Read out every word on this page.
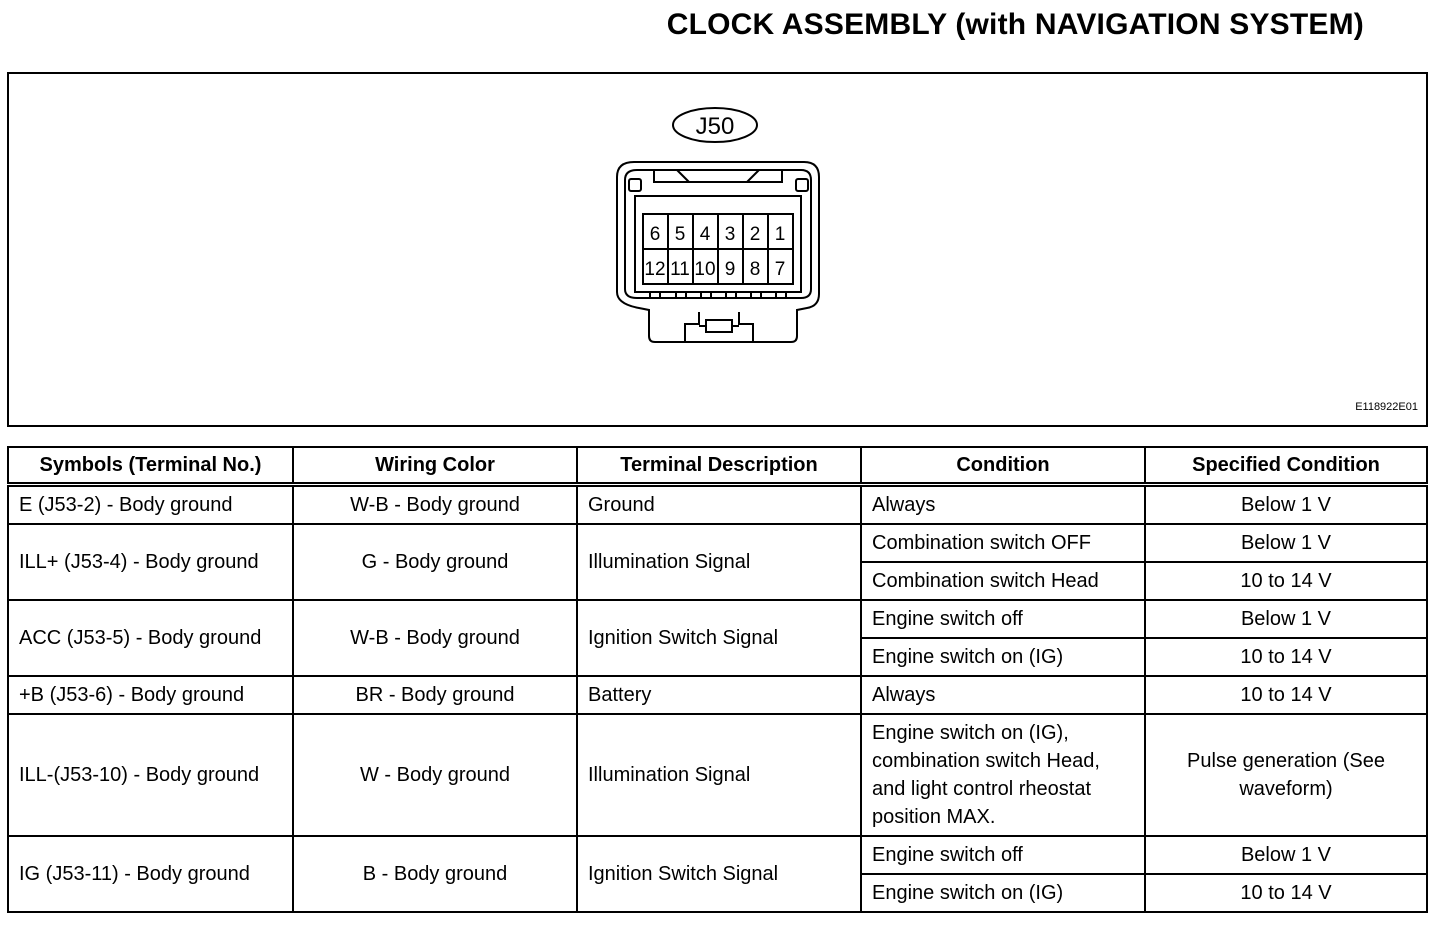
CLOCK ASSEMBLY (with NAVIGATION SYSTEM)
J50
6 5 4 3 2 1
12 11 10 9 8 7
E118922E01
Symbols (Terminal No.)	Wiring Color	Terminal Description	Condition	Specified Condition
E (J53-2) - Body ground	W-B - Body ground	Ground	Always	Below 1 V
ILL+ (J53-4) - Body ground	G - Body ground	Illumination Signal	Combination switch OFF	Below 1 V
			Combination switch Head	10 to 14 V
ACC (J53-5) - Body ground	W-B - Body ground	Ignition Switch Signal	Engine switch off	Below 1 V
			Engine switch on (IG)	10 to 14 V
+B (J53-6) - Body ground	BR - Body ground	Battery	Always	10 to 14 V
ILL-(J53-10) - Body ground	W - Body ground	Illumination Signal	Engine switch on (IG), combination switch Head, and light control rheostat position MAX.	Pulse generation (See waveform)
IG (J53-11) - Body ground	B - Body ground	Ignition Switch Signal	Engine switch off	Below 1 V
			Engine switch on (IG)	10 to 14 V
